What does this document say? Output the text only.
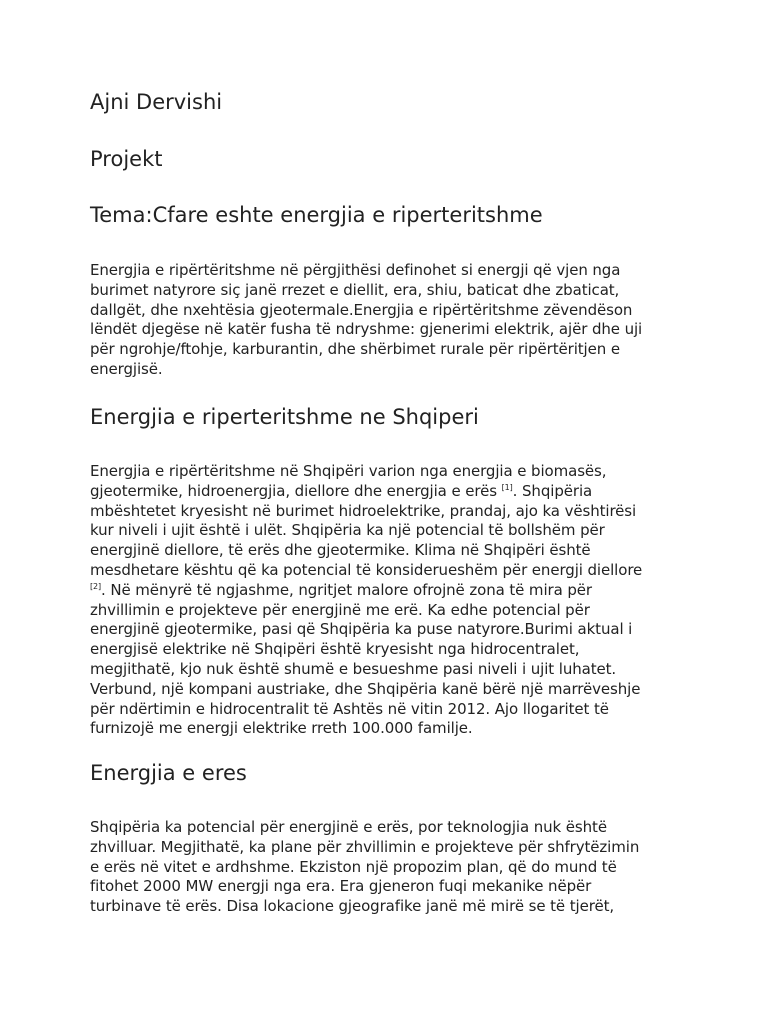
Ajni Dervishi
Projekt
Tema:Cfare eshte energjia e riperteritshme

Energjia e ripërtëritshme në përgjithësi definohet si energji që vjen nga
burimet natyrore siç janë rrezet e diellit, era, shiu, baticat dhe zbaticat,
dallgët, dhe nxehtësia gjeotermale.Energjia e ripërtëritshme zëvendëson
lëndët djegëse në katër fusha të ndryshme: gjenerimi elektrik, ajër dhe uji
për ngrohje/ftohje, karburantin, dhe shërbimet rurale për ripërtëritjen e
energjisë.

Energjia e riperteritshme ne Shqiperi

Energjia e ripërtëritshme në Shqipëri varion nga energjia e biomasës,
gjeotermike, hidroenergjia, diellore dhe energjia e erës [1]. Shqipëria
mbështetet kryesisht në burimet hidroelektrike, prandaj, ajo ka vështirësi
kur niveli i ujit është i ulët. Shqipëria ka një potencial të bollshëm për
energjinë diellore, të erës dhe gjeotermike. Klima në Shqipëri është
mesdhetare kështu që ka potencial të konsiderueshëm për energji diellore
[2]. Në mënyrë të ngjashme, ngritjet malore ofrojnë zona të mira për
zhvillimin e projekteve për energjinë me erë. Ka edhe potencial për
energjinë gjeotermike, pasi që Shqipëria ka puse natyrore.Burimi aktual i
energjisë elektrike në Shqipëri është kryesisht nga hidrocentralet,
megjithatë, kjo nuk është shumë e besueshme pasi niveli i ujit luhatet.
Verbund, një kompani austriake, dhe Shqipëria kanë bërë një marrëveshje
për ndërtimin e hidrocentralit të Ashtës në vitin 2012. Ajo llogaritet të
furnizojë me energji elektrike rreth 100.000 familje.

Energjia e eres

Shqipëria ka potencial për energjinë e erës, por teknologjia nuk është
zhvilluar. Megjithatë, ka plane për zhvillimin e projekteve për shfrytëzimin
e erës në vitet e ardhshme. Ekziston një propozim plan, që do mund të
fitohet 2000 MW energji nga era. Era gjeneron fuqi mekanike nëpër
turbinave të erës. Disa lokacione gjeografike janë më mirë se të tjerët,
